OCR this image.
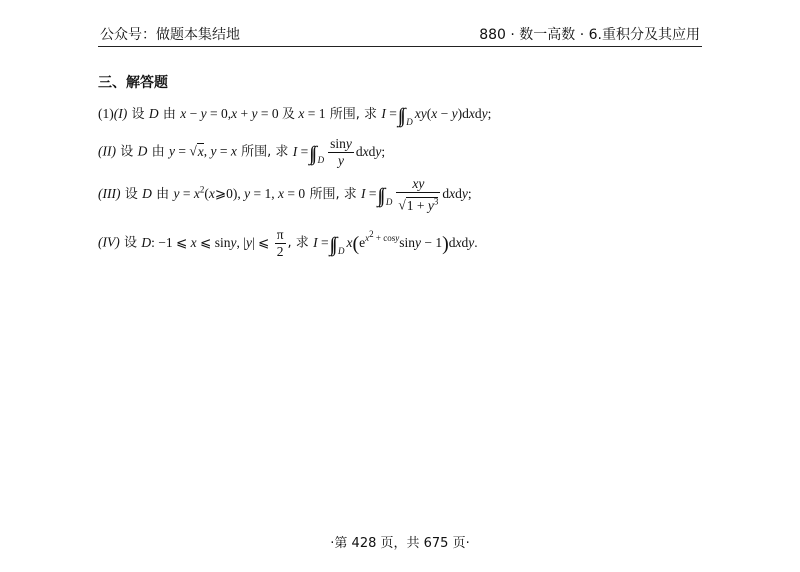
公众号：做题本集结地	880 · 数一高数 · 6.重积分及其应用
三、解答题
(1)(I) 设 D 由 x − y = 0,x + y = 0 及 x = 1 所围, 求 I = $_D$xy(x − y)dxdy;
(II) 设 D 由 y = √x, y = x 所围, 求 $I = _D \frac{\sin y}{y}$ dxdy;
(III) 设 D 由 $y = x^2(x⩾0)$, y = 1, x = 0 所围, 求 $I = _D \frac{xy}{√1 + y^3}$ dxdy;
(IV) 设 D: −1 ⩽ x ⩽ siny, |y| ⩽ $\frac{\pi}{2}$ , 求 $I = _Dx(e^{x^2 + cosy}\sin y$ − 1)dxdy.
·第 428 页，共 675 页·
